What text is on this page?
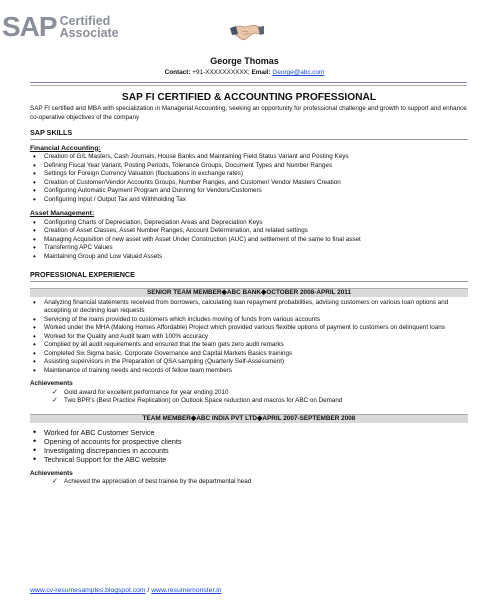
SAP Certified
Associate
George Thomas
Contact: +91-XXXXXXXXXX; Email: George@abc.com
SAP FI CERTIFIED & ACCOUNTING PROFESSIONAL
SAP FI certified and MBA with specialization in Managerial Accounting, seeking an opportunity for professional challenge and growth to support and enhance co-operative objectives of the company
SAP SKILLS
Financial Accounting:
• Creation of G/L Masters, Cash Journals, House Banks and Maintaining Field Status Variant and Posting Keys
• Defining Fiscal Year Variant, Posting Periods, Tolerance Groups, Document Types and Number Ranges
• Settings for Foreign Currency Valuation (fluctuations in exchange rates)
• Creation of Customer/Vendor Accounts Groups, Number Ranges, and Customer/ Vendor Masters Creation
• Configuring Automatic Payment Program and Dunning for Vendors/Customers
• Configuring Input / Output Tax and Withholding Tax
Asset Management:
• Configuring Charts of Depreciation, Depreciation Areas and Depreciation Keys
• Creation of Asset Classes, Asset Number Ranges, Account Determination, and related settings
• Managing Acquisition of new asset with Asset Under Construction (AUC) and settlement of the same to final asset
• Transferring APC Values
• Maintaining Group and Low Valued Assets
PROFESSIONAL EXPERIENCE
SENIOR TEAM MEMBER◆ABC BANK◆OCTOBER 2008-APRIL 2011
• Analyzing financial statements received from borrowers, calculating loan repayment probabilities, advising customers on various loan options and accepting or declining loan requests
• Servicing of the loans provided to customers which includes moving of funds from various accounts
• Worked under the MHA (Making Homes Affordable) Project which provided various flexible options of payment to customers on delinquent loans
• Worked for the Quality and Audit team with 100% accuracy
• Complied by all audit requirements and ensured that the team gets zero audit remarks
• Completed Six Sigma basic, Corporate Governance and Capital Markets Basics trainings
• Assisting supervisors in the Preparation of QSA sampling (Quarterly Self-Assessment)
• Maintenance of training needs and records of fellow team members
Achievements
✓ Gold award for excellent performance for year ending 2010
✓ Two BPR's (Best Practice Replication) on Outlook Space reduction and macros for ABC on Demand
TEAM MEMBER◆ABC INDIA PVT LTD◆APRIL 2007-SEPTEMBER 2008
• Worked for ABC Customer Service
• Opening of accounts for prospective clients
• Investigating discrepancies in accounts
• Technical Support for the ABC website
Achievements
✓ Achieved the appreciation of best trainee by the departmental head
www.cv-resumesamples.blogspot.com / www.resumemonster.in
